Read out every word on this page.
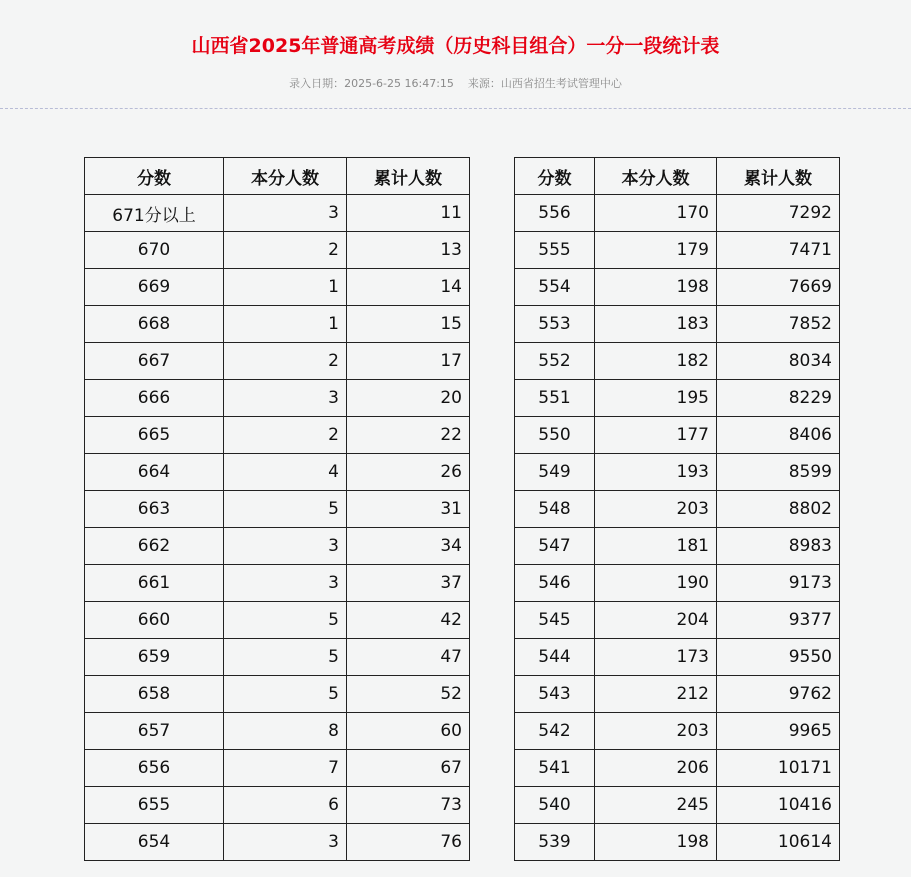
山西省2025年普通高考成绩（历史科目组合）一分一段统计表
录入日期：2025-6-25 16:47:15 来源：山西省招生考试管理中心
分数	本分人数	累计人数
671分以上	3	11
670	2	13
669	1	14
668	1	15
667	2	17
666	3	20
665	2	22
664	4	26
663	5	31
662	3	34
661	3	37
660	5	42
659	5	47
658	5	52
657	8	60
656	7	67
655	6	73
654	3	76
分数	本分人数	累计人数
556	170	7292
555	179	7471
554	198	7669
553	183	7852
552	182	8034
551	195	8229
550	177	8406
549	193	8599
548	203	8802
547	181	8983
546	190	9173
545	204	9377
544	173	9550
543	212	9762
542	203	9965
541	206	10171
540	245	10416
539	198	10614
